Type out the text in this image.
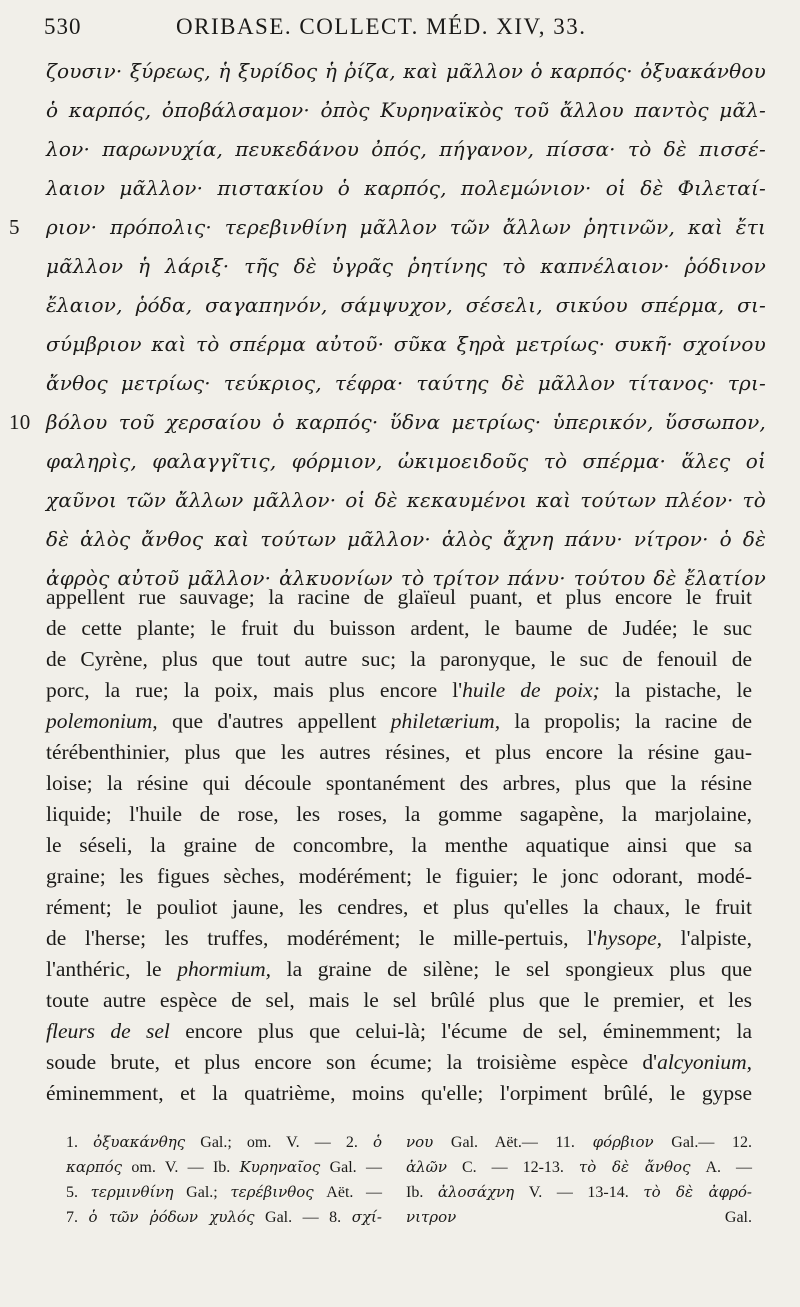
530	ORIBASE. COLLECT. MÉD. XIV, 33.
ζουσιν· ξύρεως, ἡ ξυρίδος ἡ ῥίζα, καὶ μᾶλλον ὁ καρπός· ὀξυακάνθου
ὁ καρπός, ὀποβάλσαμον· ὀπὸς Κυρηναϊκὸς τοῦ ἄλλου παντὸς μᾶλ-
λον· παρωνυχία, πευκεδάνου ὀπός, πήγανον, πίσσα· τὸ δὲ πισσέ-
λαιον μᾶλλον· πιστακίου ὁ καρπός, πολεμώνιον· οἱ δὲ Φιλεταί-
5 ριον· πρόπολις· τερεβινθίνη μᾶλλον τῶν ἄλλων ῥητινῶν, καὶ ἔτι
μᾶλλον ἡ λάριξ· τῆς δὲ ὑγρᾶς ῥητίνης τὸ καπνέλαιον· ῥόδινον
ἔλαιον, ῥόδα, σαγαπηνόν, σάμψυχον, σέσελι, σικύου σπέρμα, σι-
σύμβριον καὶ τὸ σπέρμα αὐτοῦ· σῦκα ξηρὰ μετρίως· συκῆ· σχοίνου
ἄνθος μετρίως· τεύκριος, τέφρα· ταύτης δὲ μᾶλλον τίτανος· τρι-
10 βόλου τοῦ χερσαίου ὁ καρπός· ὕδνα μετρίως· ὑπερικόν, ὕσσωπον,
φαληρὶς, φαλαγγῖτις, φόρμιον, ὠκιμοειδοῦς τὸ σπέρμα· ἅλες οἱ
χαῦνοι τῶν ἄλλων μᾶλλον· οἱ δὲ κεκαυμένοι καὶ τούτων πλέον· τὸ
δὲ ἁλὸς ἄνθος καὶ τούτων μᾶλλον· ἁλὸς ἄχνη πάνυ· νίτρον· ὁ δὲ
ἀφρὸς αὐτοῦ μᾶλλον· ἀλκυονίων τὸ τρίτον πάνυ· τούτου δὲ ἔλατίον
appellent rue sauvage; la racine de glaïeul puant, et plus encore le fruit
de cette plante; le fruit du buisson ardent, le baume de Judée; le suc
de Cyrène, plus que tout autre suc; la paronyque, le suc de fenouil de
porc, la rue; la poix, mais plus encore l'huile de poix; la pistache, le
polemonium, que d'autres appellent philetærium, la propolis; la racine de
térébenthinier, plus que les autres résines, et plus encore la résine gau-
loise; la résine qui découle spontanément des arbres, plus que la résine
liquide; l'huile de rose, les roses, la gomme sagapène, la marjolaine,
le séseli, la graine de concombre, la menthe aquatique ainsi que sa
graine; les figues sèches, modérément; le figuier; le jonc odorant, modé-
rément; le pouliot jaune, les cendres, et plus qu'elles la chaux, le fruit
de l'herse; les truffes, modérément; le mille-pertuis, l'hysope, l'alpiste,
l'anthéric, le phormium, la graine de silène; le sel spongieux plus que
toute autre espèce de sel, mais le sel brûlé plus que le premier, et les
fleurs de sel encore plus que celui-là; l'écume de sel, éminemment; la
soude brute, et plus encore son écume; la troisième espèce d'alcyonium,
éminemment, et la quatrième, moins qu'elle; l'orpiment brûlé, le gypse
1. ὀξυακάνθης Gal.; om. V. — 2. ὁ
καρπός om. V. — Ib. Κυρηναῖος Gal. —
5. τερμινθίνη Gal.; τερέβινθος Aët. —
7. ὁ τῶν ῥόδων χυλός Gal. — 8. σχί-
νου Gal. Aët.— 11. φόρβιον Gal.— 12.
ἀλῶν C. — 12-13. τὸ δὲ ἄνθος A. —
Ib. ἀλοσάχνη V. — 13-14. τὸ δὲ ἀφρό-
νιτρον Gal.
